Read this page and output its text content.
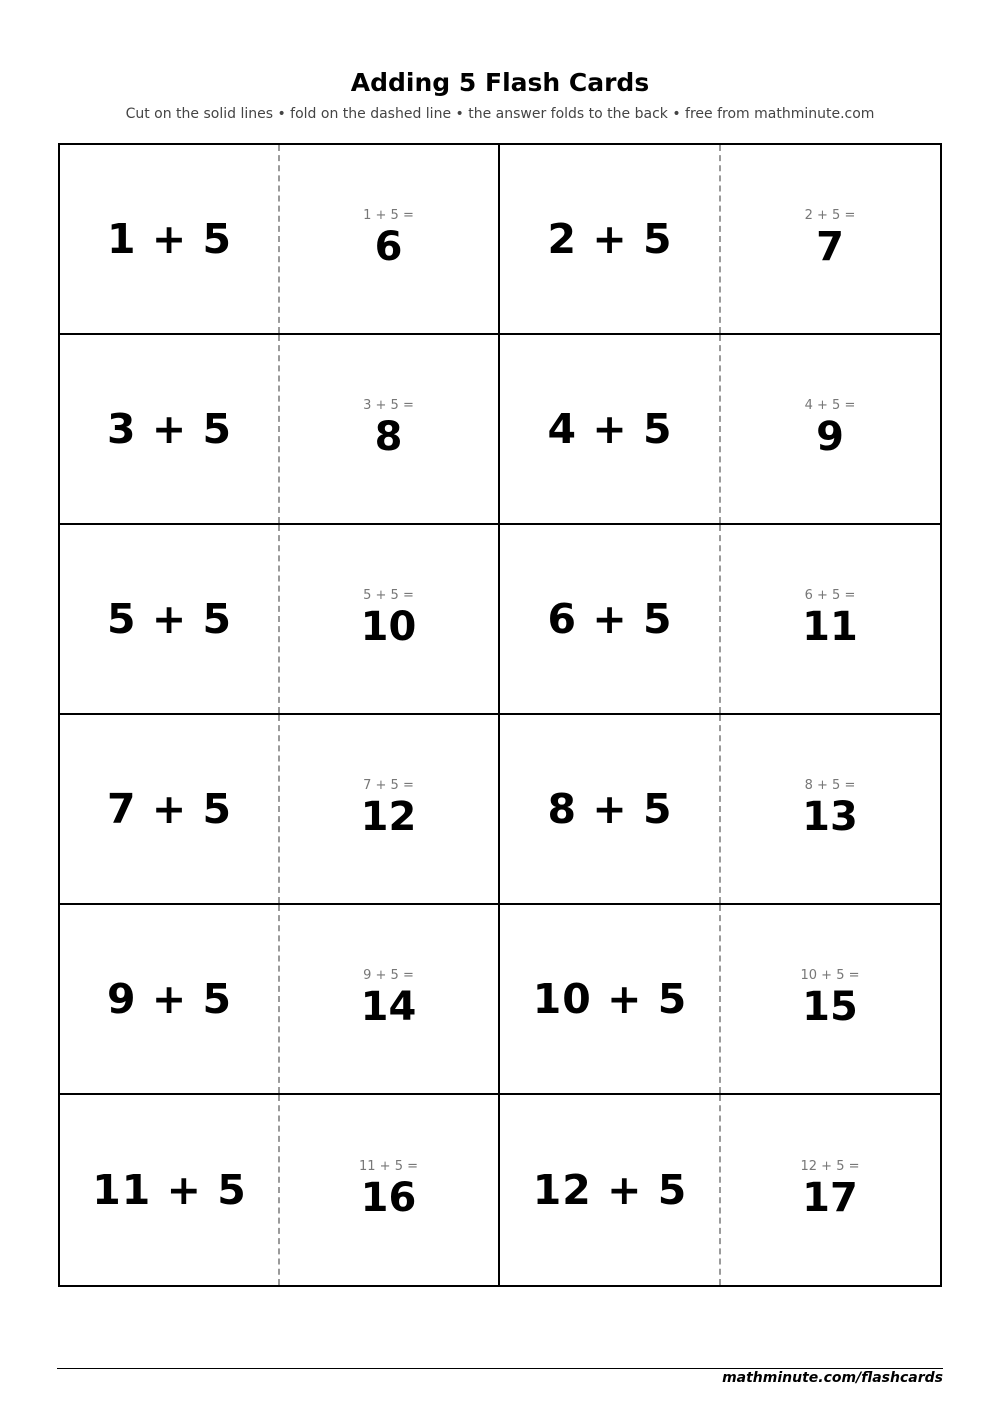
Adding 5 Flash Cards
Cut on the solid lines • fold on the dashed line • the answer folds to the back • free from mathminute.com
1 + 5	1 + 5 =
6	2 + 5	2 + 5 =
7
3 + 5	3 + 5 =
8	4 + 5	4 + 5 =
9
5 + 5	5 + 5 =
10	6 + 5	6 + 5 =
11
7 + 5	7 + 5 =
12	8 + 5	8 + 5 =
13
9 + 5	9 + 5 =
14	10 + 5	10 + 5 =
15
11 + 5	11 + 5 =
16	12 + 5	12 + 5 =
17
mathminute.com/flashcards
